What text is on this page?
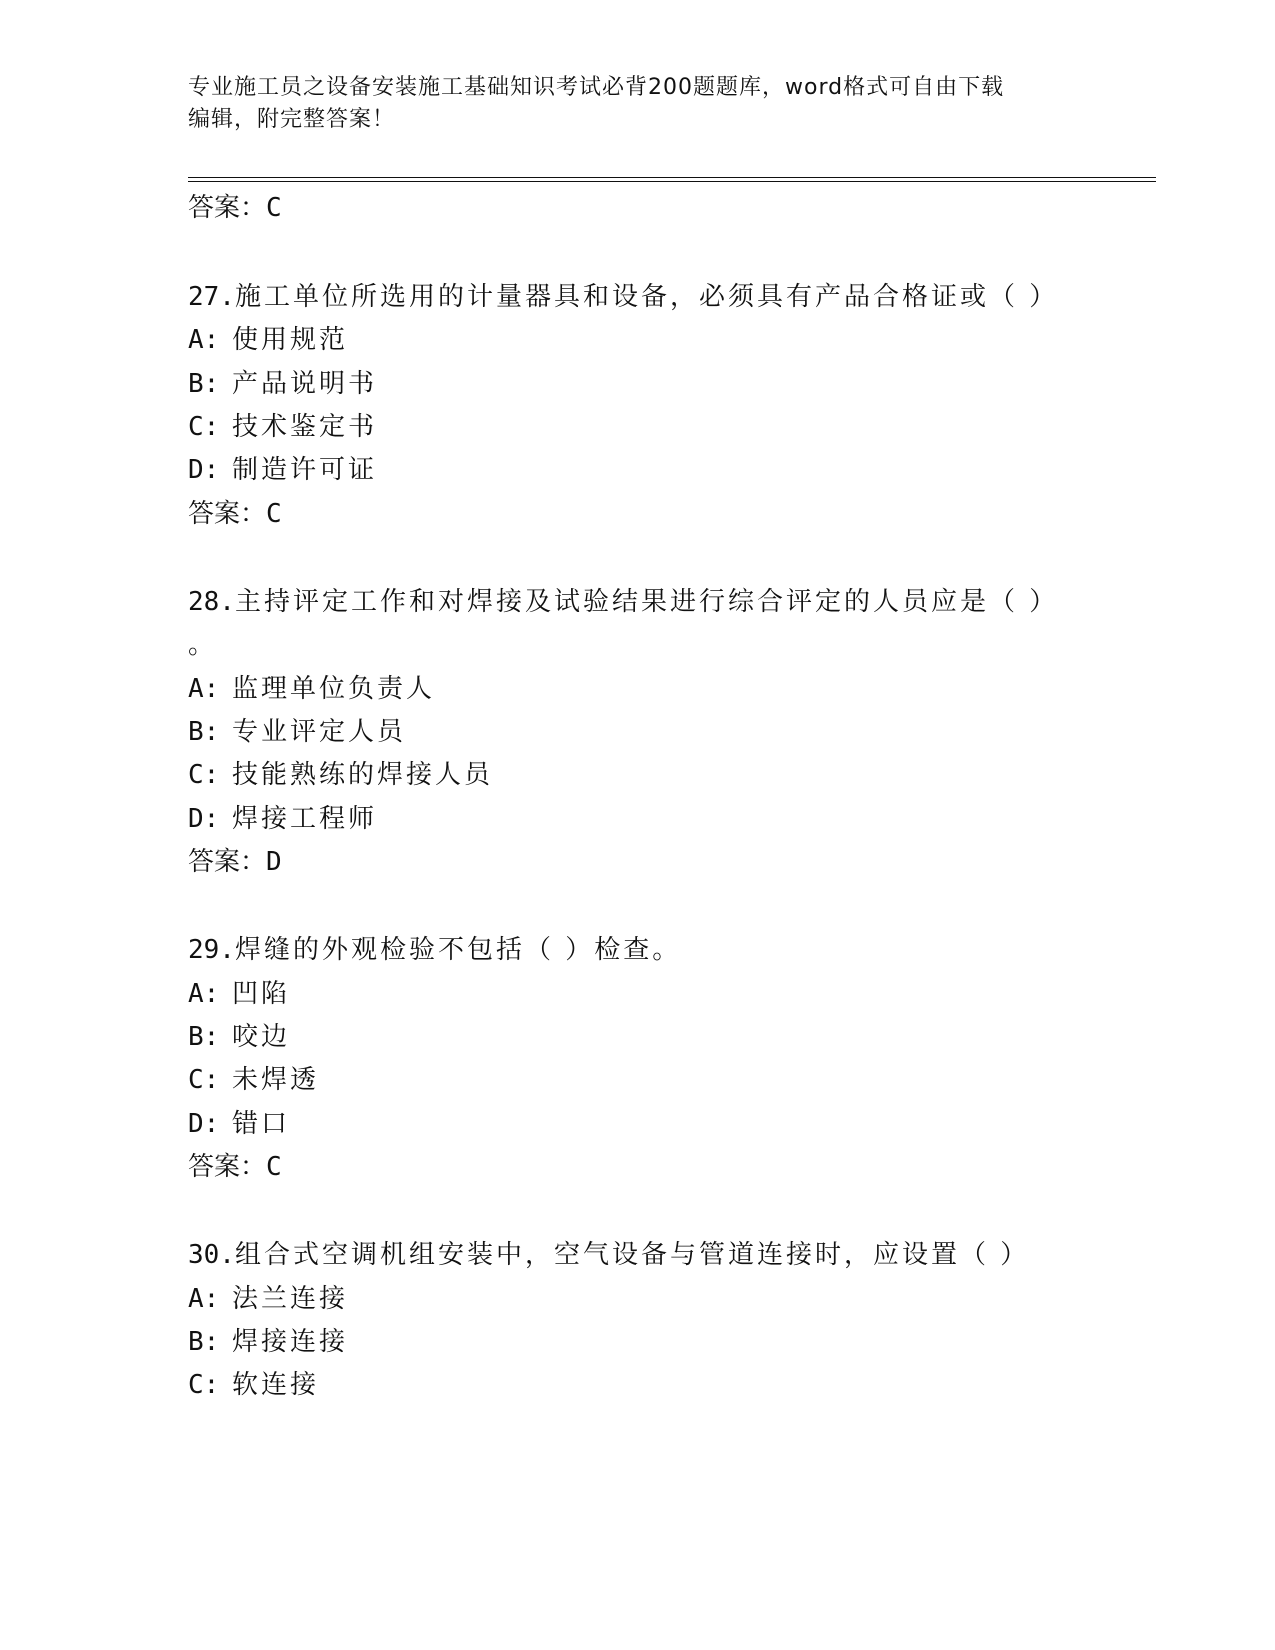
专业施工员之设备安装施工基础知识考试必背200题题库，word格式可自由下载
编辑，附完整答案！
答案：C
27.施工单位所选用的计量器具和设备，必须具有产品合格证或（ ）
A: 使用规范
B: 产品说明书
C: 技术鉴定书
D: 制造许可证
答案：C
28.主持评定工作和对焊接及试验结果进行综合评定的人员应是（ ）
。
A: 监理单位负责人
B: 专业评定人员
C: 技能熟练的焊接人员
D: 焊接工程师
答案：D
29.焊缝的外观检验不包括（ ）检查。
A: 凹陷
B: 咬边
C: 未焊透
D: 错口
答案：C
30.组合式空调机组安装中，空气设备与管道连接时，应设置（ ）
A: 法兰连接
B: 焊接连接
C: 软连接
